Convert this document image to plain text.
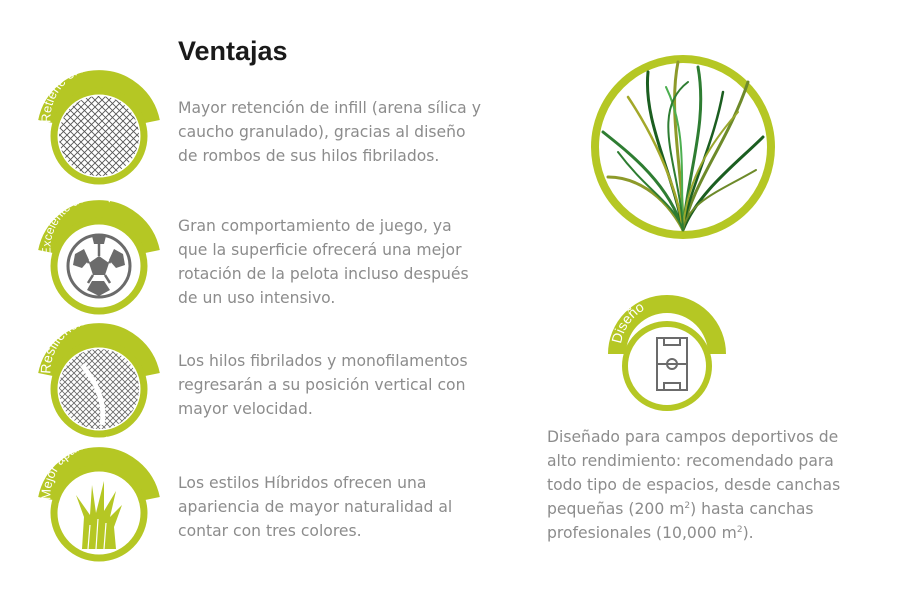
Ventajas
Retiene el infill

Mayor retención de infill (arena sílica y caucho granulado), gracias al diseño de rombos de sus hilos fibrilados.

Excelente desempeño

Gran comportamiento de juego, ya que la superficie ofrecerá una mejor rotación de la pelota incluso después de un uso intensivo.

Resiliencia

Los hilos fibrilados y monofilamentos regresarán a su posición vertical con mayor velocidad.

Mejor apariencia

Los estilos Híbridos ofrecen una apariencia de mayor naturalidad al contar con tres colores.

Diseño

Diseñado para campos deportivos de alto rendimiento: recomendado para todo tipo de espacios, desde canchas pequeñas (200 $m^2$) hasta canchas profesionales (10,000 $m^2$).
